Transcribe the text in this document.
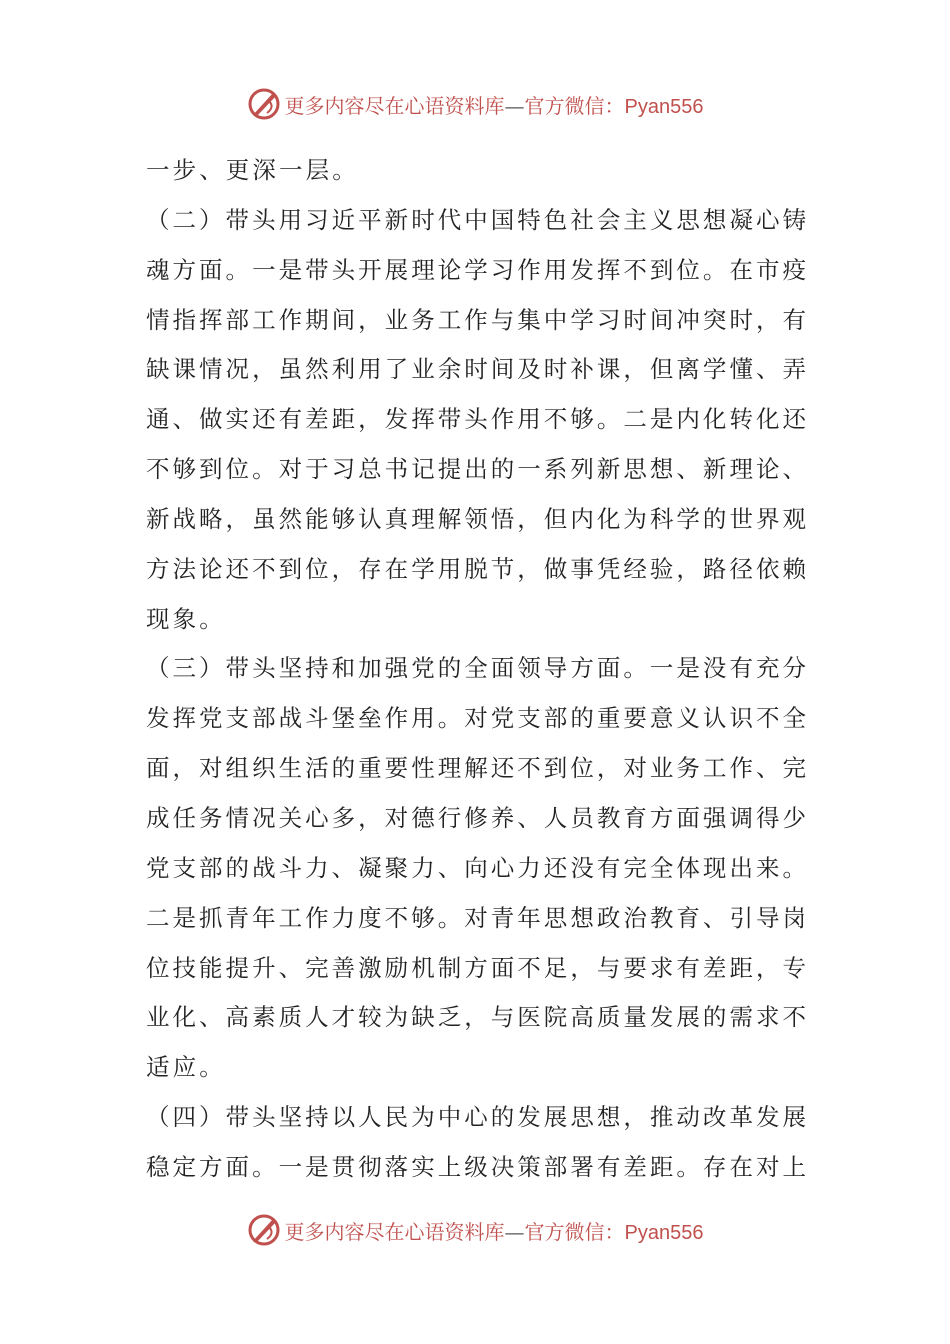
更多内容尽在心语资料库—官方微信：Pyan556
一步、更深一层。
（二）带头用习近平新时代中国特色社会主义思想凝心铸
魂方面。一是带头开展理论学习作用发挥不到位。在市疫
情指挥部工作期间，业务工作与集中学习时间冲突时，有
缺课情况，虽然利用了业余时间及时补课，但离学懂、弄
通、做实还有差距，发挥带头作用不够。二是内化转化还
不够到位。对于习总书记提出的一系列新思想、新理论、
新战略，虽然能够认真理解领悟，但内化为科学的世界观
方法论还不到位，存在学用脱节，做事凭经验，路径依赖
现象。
（三）带头坚持和加强党的全面领导方面。一是没有充分
发挥党支部战斗堡垒作用。对党支部的重要意义认识不全
面，对组织生活的重要性理解还不到位，对业务工作、完
成任务情况关心多，对德行修养、人员教育方面强调得少
党支部的战斗力、凝聚力、向心力还没有完全体现出来。
二是抓青年工作力度不够。对青年思想政治教育、引导岗
位技能提升、完善激励机制方面不足，与要求有差距，专
业化、高素质人才较为缺乏，与医院高质量发展的需求不
适应。
（四）带头坚持以人民为中心的发展思想，推动改革发展
稳定方面。一是贯彻落实上级决策部署有差距。存在对上
更多内容尽在心语资料库—官方微信：Pyan556
